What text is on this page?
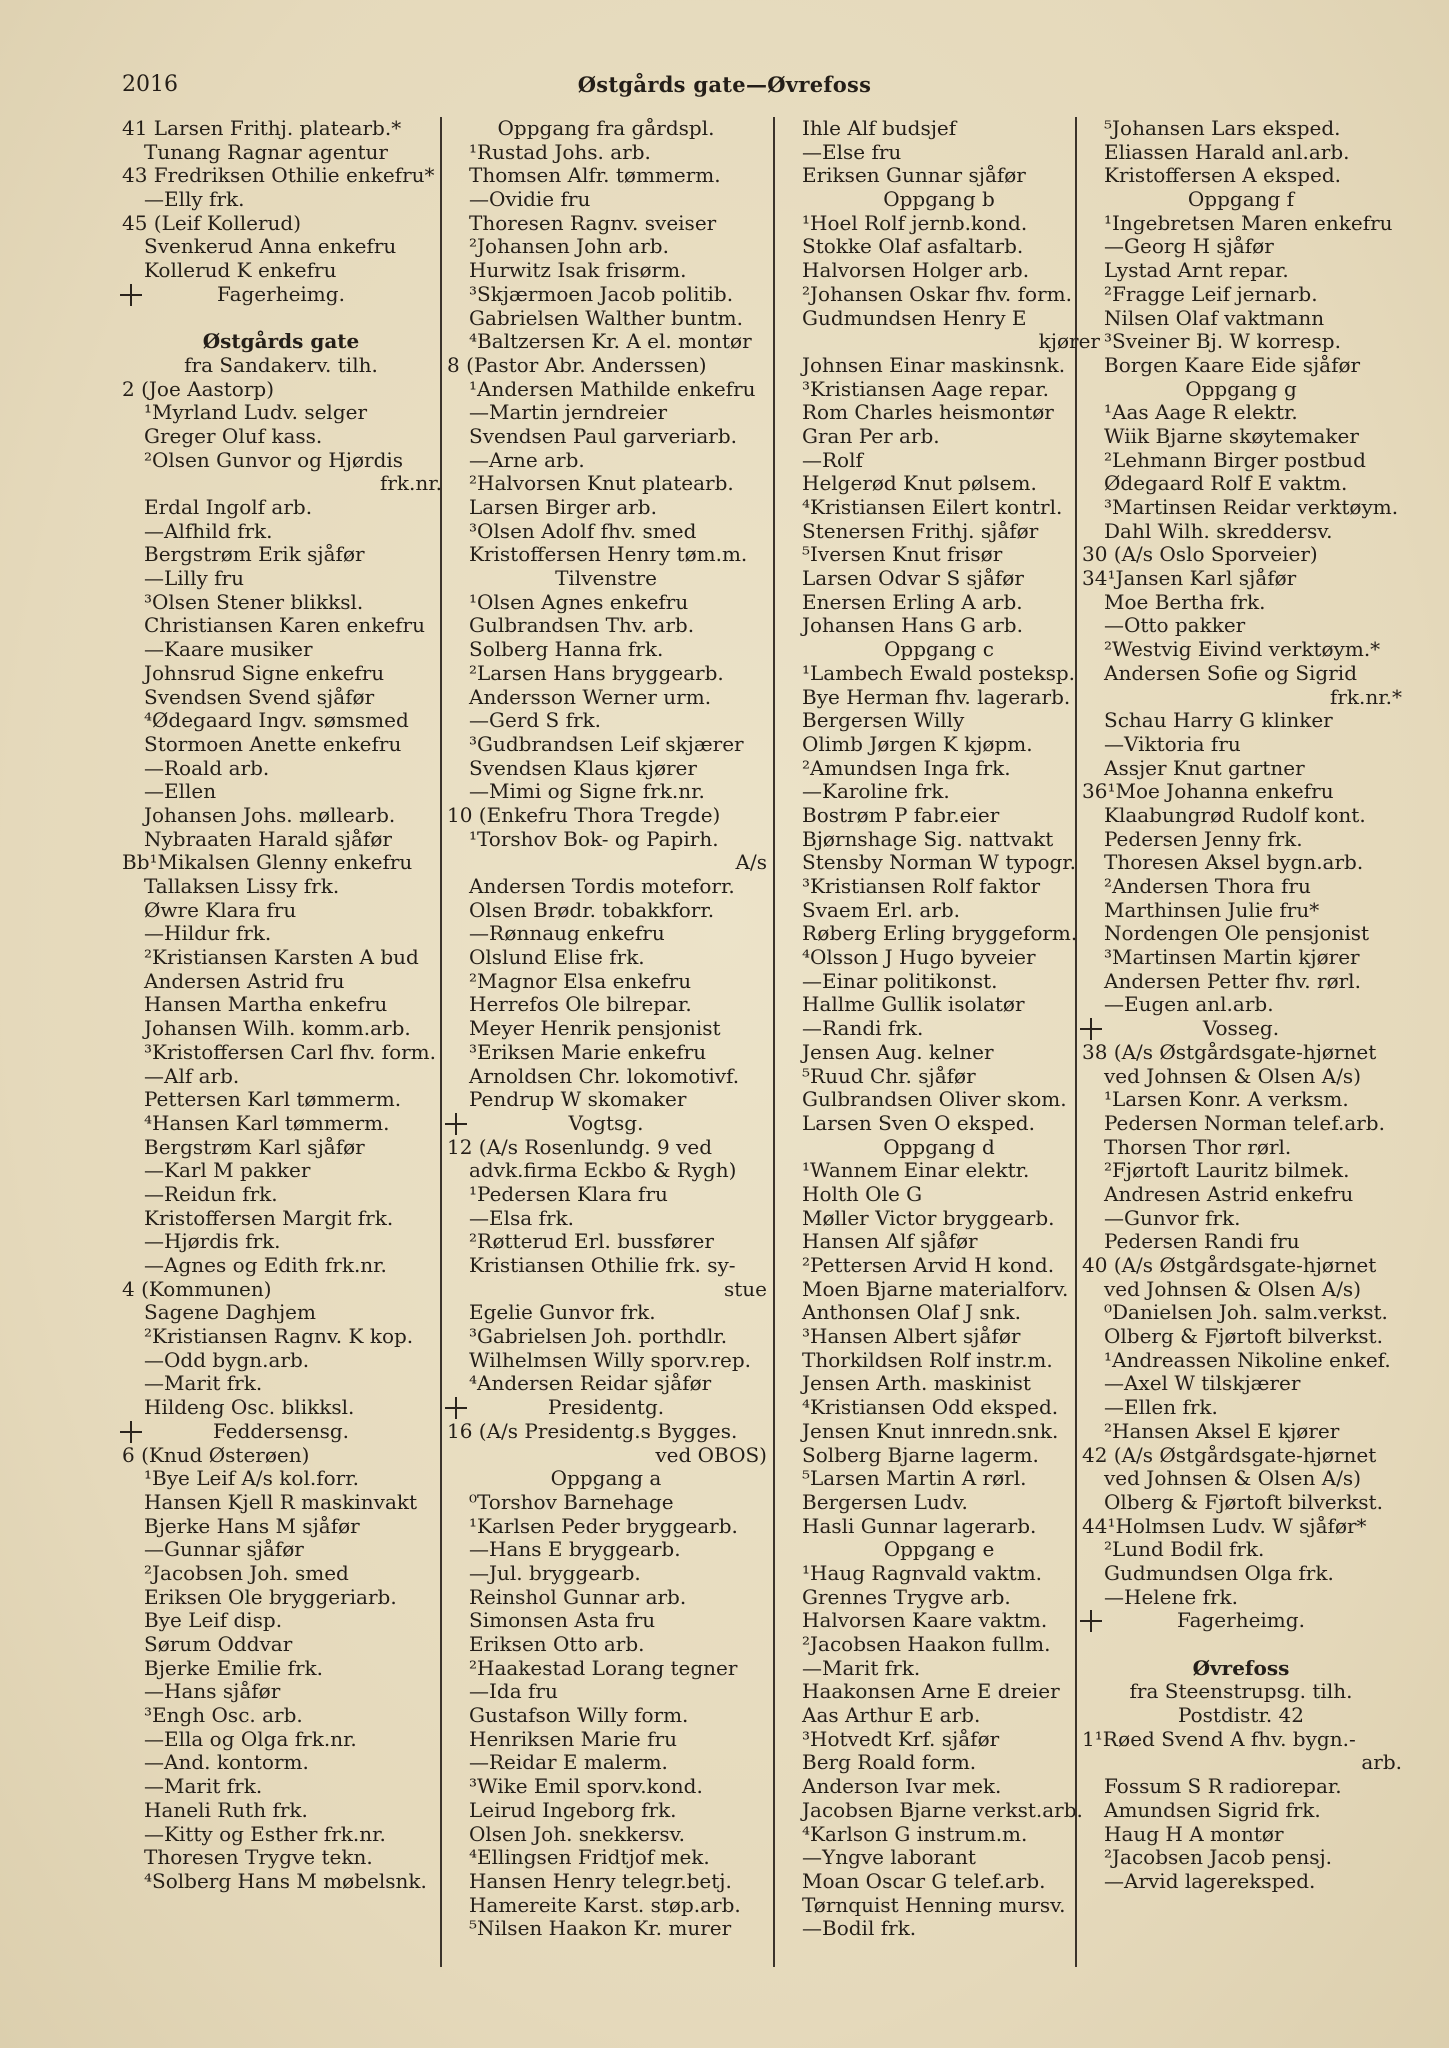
2016	Østgårds gate—Øvrefoss
41 Larsen Frithj. platearb.*
Tunang Ragnar agentur
43 Fredriksen Othilie enkefru*
—Elly frk.
45 (Leif Kollerud)
Svenkerud Anna enkefru
Kollerud K enkefru
Fagerheimg.
Østgårds gate
fra Sandakerv. tilh.
2 (Joe Aastorp)
¹Myrland Ludv. selger
Greger Oluf kass.
²Olsen Gunvor og Hjørdis
frk.nr.
Erdal Ingolf arb.
—Alfhild frk.
Bergstrøm Erik sjåfør
—Lilly fru
³Olsen Stener blikksl.
Christiansen Karen enkefru
—Kaare musiker
Johnsrud Signe enkefru
Svendsen Svend sjåfør
⁴Ødegaard Ingv. sømsmed
Stormoen Anette enkefru
—Roald arb.
—Ellen
Johansen Johs. møllearb.
Nybraaten Harald sjåfør
Bb¹Mikalsen Glenny enkefru
Tallaksen Lissy frk.
Øwre Klara fru
—Hildur frk.
²Kristiansen Karsten A bud
Andersen Astrid fru
Hansen Martha enkefru
Johansen Wilh. komm.arb.
³Kristoffersen Carl fhv. form.
—Alf arb.
Pettersen Karl tømmerm.
⁴Hansen Karl tømmerm.
Bergstrøm Karl sjåfør
—Karl M pakker
—Reidun frk.
Kristoffersen Margit frk.
—Hjørdis frk.
—Agnes og Edith frk.nr.
4 (Kommunen)
Sagene Daghjem
²Kristiansen Ragnv. K kop.
—Odd bygn.arb.
—Marit frk.
Hildeng Osc. blikksl.
Feddersensg.
6 (Knud Østerøen)
¹Bye Leif A/s kol.forr.
Hansen Kjell R maskinvakt
Bjerke Hans M sjåfør
—Gunnar sjåfør
²Jacobsen Joh. smed
Eriksen Ole bryggeriarb.
Bye Leif disp.
Sørum Oddvar
Bjerke Emilie frk.
—Hans sjåfør
³Engh Osc. arb.
—Ella og Olga frk.nr.
—And. kontorm.
—Marit frk.
Haneli Ruth frk.
—Kitty og Esther frk.nr.
Thoresen Trygve tekn.
⁴Solberg Hans M møbelsnk.
Oppgang fra gårdspl.
¹Rustad Johs. arb.
Thomsen Alfr. tømmerm.
—Ovidie fru
Thoresen Ragnv. sveiser
²Johansen John arb.
Hurwitz Isak frisørm.
³Skjærmoen Jacob politib.
Gabrielsen Walther buntm.
⁴Baltzersen Kr. A el. montør
8 (Pastor Abr. Anderssen)
¹Andersen Mathilde enkefru
—Martin jerndreier
Svendsen Paul garveriarb.
—Arne arb.
²Halvorsen Knut platearb.
Larsen Birger arb.
³Olsen Adolf fhv. smed
Kristoffersen Henry tøm.m.
Tilvenstre
¹Olsen Agnes enkefru
Gulbrandsen Thv. arb.
Solberg Hanna frk.
²Larsen Hans bryggearb.
Andersson Werner urm.
—Gerd S frk.
³Gudbrandsen Leif skjærer
Svendsen Klaus kjører
—Mimi og Signe frk.nr.
10 (Enkefru Thora Tregde)
¹Torshov Bok- og Papirh.
A/s
Andersen Tordis moteforr.
Olsen Brødr. tobakkforr.
—Rønnaug enkefru
Olslund Elise frk.
²Magnor Elsa enkefru
Herrefos Ole bilrepar.
Meyer Henrik pensjonist
³Eriksen Marie enkefru
Arnoldsen Chr. lokomotivf.
Pendrup W skomaker
Vogtsg.
12 (A/s Rosenlundg. 9 ved
advk.firma Eckbo & Rygh)
¹Pedersen Klara fru
—Elsa frk.
²Røtterud Erl. bussfører
Kristiansen Othilie frk. sy-
stue
Egelie Gunvor frk.
³Gabrielsen Joh. porthdlr.
Wilhelmsen Willy sporv.rep.
⁴Andersen Reidar sjåfør
Presidentg.
16 (A/s Presidentg.s Bygges.
ved OBOS)
Oppgang a
⁰Torshov Barnehage
¹Karlsen Peder bryggearb.
—Hans E bryggearb.
—Jul. bryggearb.
Reinshol Gunnar arb.
Simonsen Asta fru
Eriksen Otto arb.
²Haakestad Lorang tegner
—Ida fru
Gustafson Willy form.
Henriksen Marie fru
—Reidar E malerm.
³Wike Emil sporv.kond.
Leirud Ingeborg frk.
Olsen Joh. snekkersv.
⁴Ellingsen Fridtjof mek.
Hansen Henry telegr.betj.
Hamereite Karst. støp.arb.
⁵Nilsen Haakon Kr. murer
Ihle Alf budsjef
—Else fru
Eriksen Gunnar sjåfør
Oppgang b
¹Hoel Rolf jernb.kond.
Stokke Olaf asfaltarb.
Halvorsen Holger arb.
²Johansen Oskar fhv. form.
Gudmundsen Henry E
kjører
Johnsen Einar maskinsnk.
³Kristiansen Aage repar.
Rom Charles heismontør
Gran Per arb.
—Rolf
Helgerød Knut pølsem.
⁴Kristiansen Eilert kontrl.
Stenersen Frithj. sjåfør
⁵Iversen Knut frisør
Larsen Odvar S sjåfør
Enersen Erling A arb.
Johansen Hans G arb.
Oppgang c
¹Lambech Ewald posteksp.
Bye Herman fhv. lagerarb.
Bergersen Willy
Olimb Jørgen K kjøpm.
²Amundsen Inga frk.
—Karoline frk.
Bostrøm P fabr.eier
Bjørnshage Sig. nattvakt
Stensby Norman W typogr.
³Kristiansen Rolf faktor
Svaem Erl. arb.
Røberg Erling bryggeform.
⁴Olsson J Hugo byveier
—Einar politikonst.
Hallme Gullik isolatør
—Randi frk.
Jensen Aug. kelner
⁵Ruud Chr. sjåfør
Gulbrandsen Oliver skom.
Larsen Sven O eksped.
Oppgang d
¹Wannem Einar elektr.
Holth Ole G
Møller Victor bryggearb.
Hansen Alf sjåfør
²Pettersen Arvid H kond.
Moen Bjarne materialforv.
Anthonsen Olaf J snk.
³Hansen Albert sjåfør
Thorkildsen Rolf instr.m.
Jensen Arth. maskinist
⁴Kristiansen Odd eksped.
Jensen Knut innredn.snk.
Solberg Bjarne lagerm.
⁵Larsen Martin A rørl.
Bergersen Ludv.
Hasli Gunnar lagerarb.
Oppgang e
¹Haug Ragnvald vaktm.
Grennes Trygve arb.
Halvorsen Kaare vaktm.
²Jacobsen Haakon fullm.
—Marit frk.
Haakonsen Arne E dreier
Aas Arthur E arb.
³Hotvedt Krf. sjåfør
Berg Roald form.
Anderson Ivar mek.
Jacobsen Bjarne verkst.arb.
⁴Karlson G instrum.m.
—Yngve laborant
Moan Oscar G telef.arb.
Tørnquist Henning mursv.
—Bodil frk.
⁵Johansen Lars eksped.
Eliassen Harald anl.arb.
Kristoffersen A eksped.
Oppgang f
¹Ingebretsen Maren enkefru
—Georg H sjåfør
Lystad Arnt repar.
²Fragge Leif jernarb.
Nilsen Olaf vaktmann
³Sveiner Bj. W korresp.
Borgen Kaare Eide sjåfør
Oppgang g
¹Aas Aage R elektr.
Wiik Bjarne skøytemaker
²Lehmann Birger postbud
Ødegaard Rolf E vaktm.
³Martinsen Reidar verktøym.
Dahl Wilh. skreddersv.
30 (A/s Oslo Sporveier)
34¹Jansen Karl sjåfør
Moe Bertha frk.
—Otto pakker
²Westvig Eivind verktøym.*
Andersen Sofie og Sigrid
frk.nr.*
Schau Harry G klinker
—Viktoria fru
Assjer Knut gartner
36¹Moe Johanna enkefru
Klaabungrød Rudolf kont.
Pedersen Jenny frk.
Thoresen Aksel bygn.arb.
²Andersen Thora fru
Marthinsen Julie fru*
Nordengen Ole pensjonist
³Martinsen Martin kjører
Andersen Petter fhv. rørl.
—Eugen anl.arb.
Vosseg.
38 (A/s Østgårdsgate-hjørnet
ved Johnsen & Olsen A/s)
¹Larsen Konr. A verksm.
Pedersen Norman telef.arb.
Thorsen Thor rørl.
²Fjørtoft Lauritz bilmek.
Andresen Astrid enkefru
—Gunvor frk.
Pedersen Randi fru
40 (A/s Østgårdsgate-hjørnet
ved Johnsen & Olsen A/s)
⁰Danielsen Joh. salm.verkst.
Olberg & Fjørtoft bilverkst.
¹Andreassen Nikoline enkef.
—Axel W tilskjærer
—Ellen frk.
²Hansen Aksel E kjører
42 (A/s Østgårdsgate-hjørnet
ved Johnsen & Olsen A/s)
Olberg & Fjørtoft bilverkst.
44¹Holmsen Ludv. W sjåfør*
²Lund Bodil frk.
Gudmundsen Olga frk.
—Helene frk.
Fagerheimg.
Øvrefoss
fra Steenstrupsg. tilh.
Postdistr. 42
1¹Røed Svend A fhv. bygn.-
arb.
Fossum S R radiorepar.
Amundsen Sigrid frk.
Haug H A montør
²Jacobsen Jacob pensj.
—Arvid lagereksped.
